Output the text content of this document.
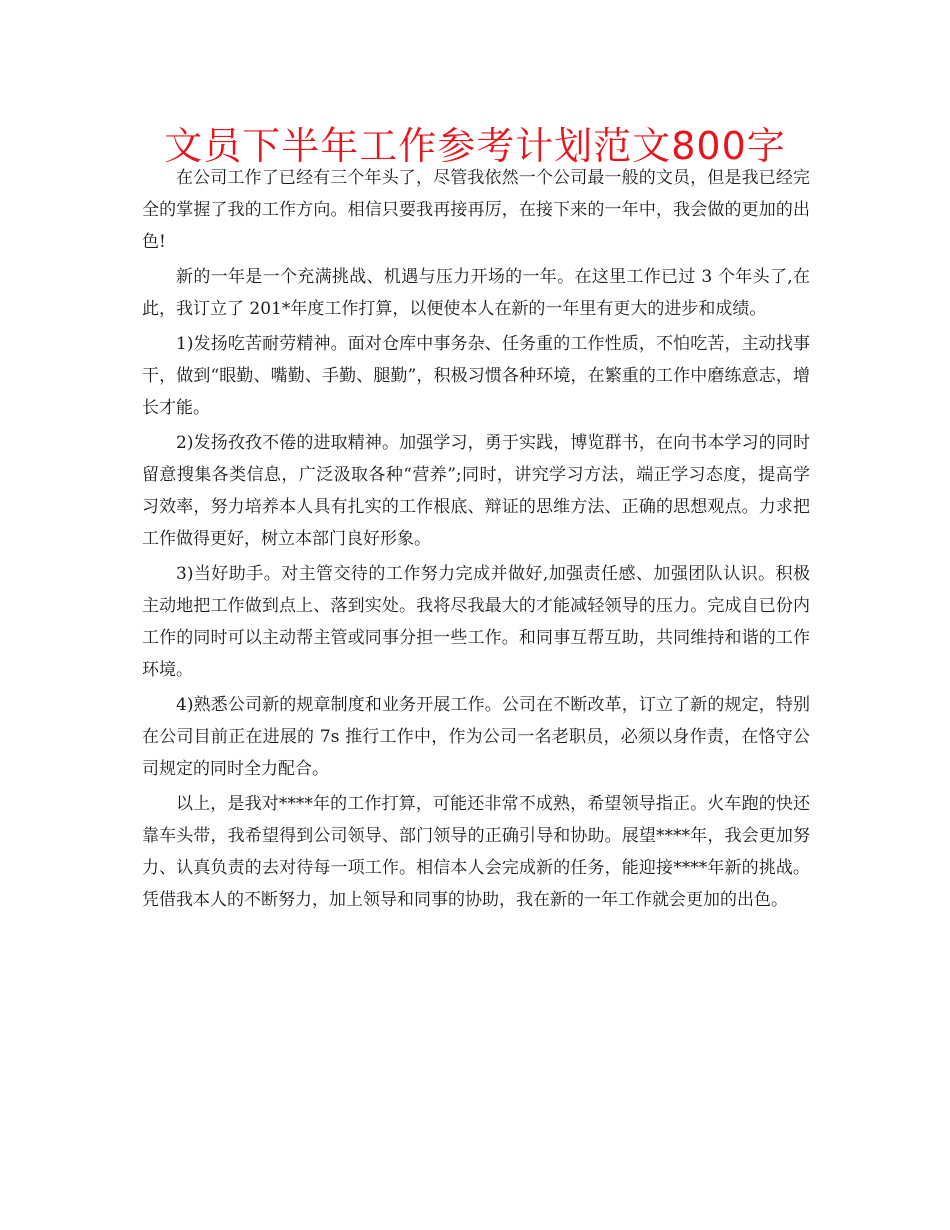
文员下半年工作参考计划范文800字

在公司工作了已经有三个年头了，尽管我依然一个公司最一般的文员，但是我已经完全的掌握了我的工作方向。相信只要我再接再厉，在接下来的一年中，我会做的更加的出色!

新的一年是一个充满挑战、机遇与压力开场的一年。在这里工作已过 3 个年头了,在此，我订立了 201*年度工作打算，以便使本人在新的一年里有更大的进步和成绩。

1)发扬吃苦耐劳精神。面对仓库中事务杂、任务重的工作性质，不怕吃苦，主动找事干，做到“眼勤、嘴勤、手勤、腿勤”，积极习惯各种环境，在繁重的工作中磨练意志，增长才能。

2)发扬孜孜不倦的进取精神。加强学习，勇于实践，博览群书，在向书本学习的同时留意搜集各类信息，广泛汲取各种“营养”;同时，讲究学习方法，端正学习态度，提高学习效率，努力培养本人具有扎实的工作根底、辩证的思维方法、正确的思想观点。力求把工作做得更好，树立本部门良好形象。

3)当好助手。对主管交待的工作努力完成并做好,加强责任感、加强团队认识。积极主动地把工作做到点上、落到实处。我将尽我最大的才能减轻领导的压力。完成自已份内工作的同时可以主动帮主管或同事分担一些工作。和同事互帮互助，共同维持和谐的工作环境。

4)熟悉公司新的规章制度和业务开展工作。公司在不断改革，订立了新的规定，特别在公司目前正在进展的 7s 推行工作中，作为公司一名老职员，必须以身作责，在恪守公司规定的同时全力配合。

以上，是我对****年的工作打算，可能还非常不成熟，希望领导指正。火车跑的快还靠车头带，我希望得到公司领导、部门领导的正确引导和协助。展望****年，我会更加努力、认真负责的去对待每一项工作。相信本人会完成新的任务，能迎接****年新的挑战。凭借我本人的不断努力，加上领导和同事的协助，我在新的一年工作就会更加的出色。
